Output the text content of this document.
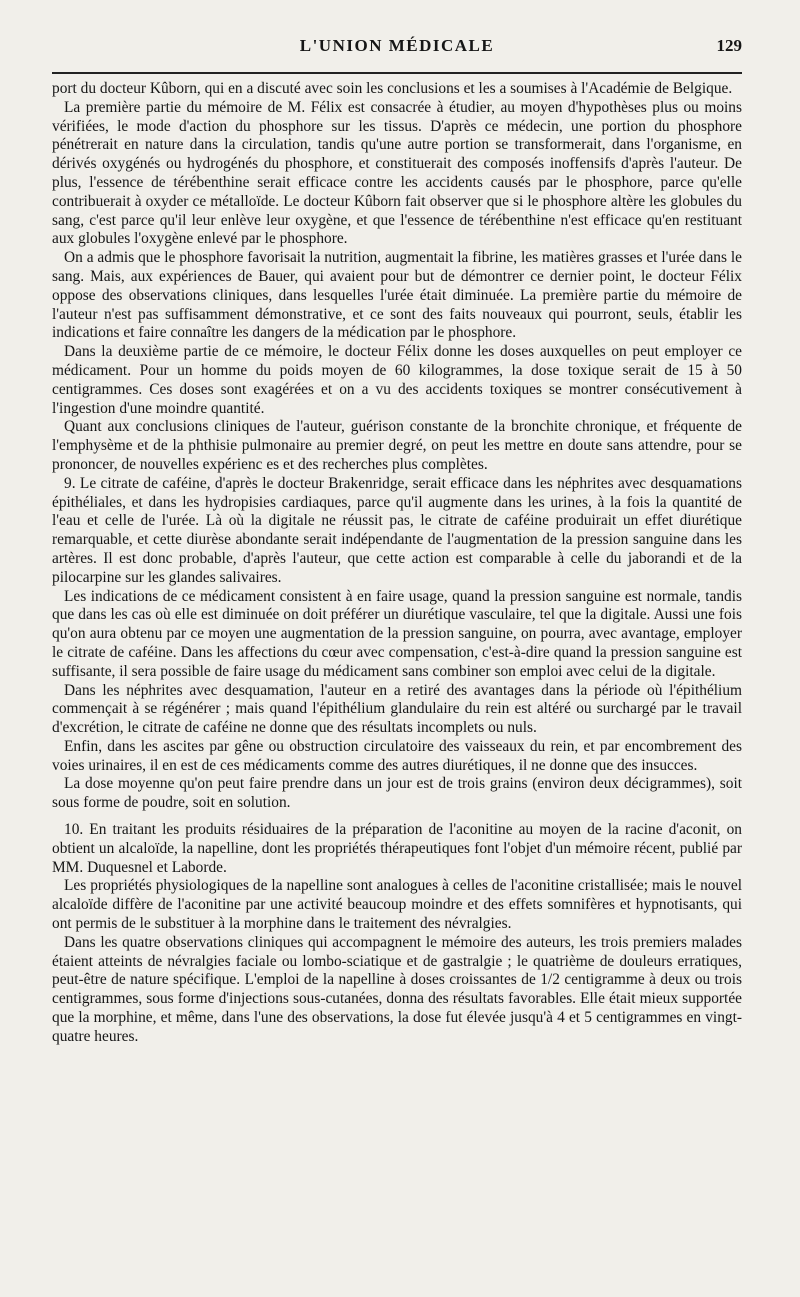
L'UNION MÉDICALE	129

port du docteur Kûborn, qui en a discuté avec soin les conclusions et les a soumises à l'Académie de Belgique.

La première partie du mémoire de M. Félix est consacrée à étudier, au moyen d'hypothèses plus ou moins vérifiées, le mode d'action du phosphore sur les tissus. D'après ce médecin, une portion du phosphore pénétrerait en nature dans la circulation, tandis qu'une autre portion se transformerait, dans l'organisme, en dérivés oxygénés ou hydrogénés du phosphore, et constituerait des composés inoffensifs d'après l'auteur. De plus, l'essence de térébenthine serait efficace contre les accidents causés par le phosphore, parce qu'elle contribuerait à oxyder ce métalloïde. Le docteur Kûborn fait observer que si le phosphore altère les globules du sang, c'est parce qu'il leur enlève leur oxygène, et que l'essence de térébenthine n'est efficace qu'en restituant aux globules l'oxygène enlevé par le phosphore.

On a admis que le phosphore favorisait la nutrition, augmentait la fibrine, les matières grasses et l'urée dans le sang. Mais, aux expériences de Bauer, qui avaient pour but de démontrer ce dernier point, le docteur Félix oppose des observations cliniques, dans lesquelles l'urée était diminuée. La première partie du mémoire de l'auteur n'est pas suffisamment démonstrative, et ce sont des faits nouveaux qui pourront, seuls, établir les indications et faire connaître les dangers de la médication par le phosphore.

Dans la deuxième partie de ce mémoire, le docteur Félix donne les doses auxquelles on peut employer ce médicament. Pour un homme du poids moyen de 60 kilogrammes, la dose toxique serait de 15 à 50 centigrammes. Ces doses sont exagérées et on a vu des accidents toxiques se montrer consécutivement à l'ingestion d'une moindre quantité.

Quant aux conclusions cliniques de l'auteur, guérison constante de la bronchite chronique, et fréquente de l'emphysème et de la phthisie pulmonaire au premier degré, on peut les mettre en doute sans attendre, pour se prononcer, de nouvelles expérienc es et des recherches plus complètes.

9. Le citrate de caféine, d'après le docteur Brakenridge, serait efficace dans les néphrites avec desquamations épithéliales, et dans les hydropisies cardiaques, parce qu'il augmente dans les urines, à la fois la quantité de l'eau et celle de l'urée. Là où la digitale ne réussit pas, le citrate de caféine produirait un effet diurétique remarquable, et cette diurèse abondante serait indépendante de l'augmentation de la pression sanguine dans les artères. Il est donc probable, d'après l'auteur, que cette action est comparable à celle du jaborandi et de la pilocarpine sur les glandes salivaires.

Les indications de ce médicament consistent à en faire usage, quand la pression sanguine est normale, tandis que dans les cas où elle est diminuée on doit préférer un diurétique vasculaire, tel que la digitale. Aussi une fois qu'on aura obtenu par ce moyen une augmentation de la pression sanguine, on pourra, avec avantage, employer le citrate de caféine. Dans les affections du cœur avec compensation, c'est-à-dire quand la pression sanguine est suffisante, il sera possible de faire usage du médicament sans combiner son emploi avec celui de la digitale.

Dans les néphrites avec desquamation, l'auteur en a retiré des avantages dans la période où l'épithélium commençait à se régénérer ; mais quand l'épithélium glandulaire du rein est altéré ou surchargé par le travail d'excrétion, le citrate de caféine ne donne que des résultats incomplets ou nuls.

Enfin, dans les ascites par gêne ou obstruction circulatoire des vaisseaux du rein, et par encombrement des voies urinaires, il en est de ces médicaments comme des autres diurétiques, il ne donne que des insucces.

La dose moyenne qu'on peut faire prendre dans un jour est de trois grains (environ deux décigrammes), soit sous forme de poudre, soit en solution.

10. En traitant les produits résiduaires de la préparation de l'aconitine au moyen de la racine d'aconit, on obtient un alcaloïde, la napelline, dont les propriétés thérapeutiques font l'objet d'un mémoire récent, publié par MM. Duquesnel et Laborde.

Les propriétés physiologiques de la napelline sont analogues à celles de l'aconitine cristallisée; mais le nouvel alcaloïde diffère de l'aconitine par une activité beaucoup moindre et des effets somnifères et hypnotisants, qui ont permis de le substituer à la morphine dans le traitement des névralgies.

Dans les quatre observations cliniques qui accompagnent le mémoire des auteurs, les trois premiers malades étaient atteints de névralgies faciale ou lombo-sciatique et de gastralgie ; le quatrième de douleurs erratiques, peut-être de nature spécifique. L'emploi de la napelline à doses croissantes de 1/2 centigramme à deux ou trois centigrammes, sous forme d'injections sous-cutanées, donna des résultats favorables. Elle était mieux supportée que la morphine, et même, dans l'une des observations, la dose fut élevée jusqu'à 4 et 5 centigrammes en vingt-quatre heures.
